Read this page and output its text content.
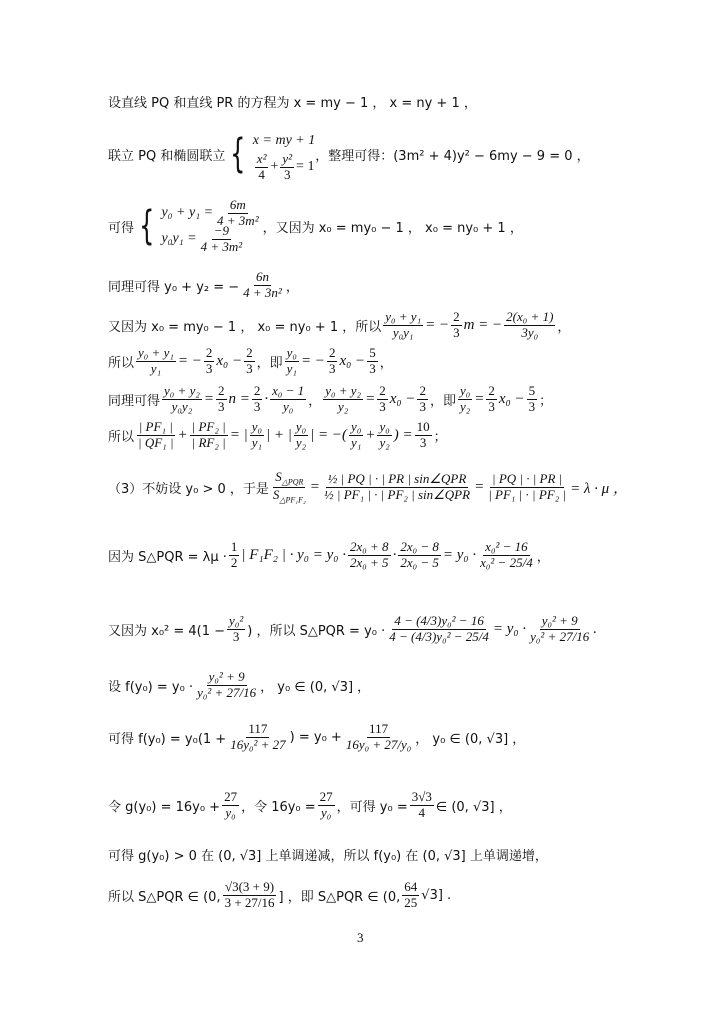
设直线 PQ 和直线 PR 的方程为 x = my − 1 ， x = ny + 1 ，
联立 PQ 和椭圆联立 { x = my + 1
$\frac{\text{x²}}{4} + \frac{\text{y²}}{3} = 1$
，整理可得：(3m² + 4)y² − 6my − 9 = 0 ，
可得 { $y_0 + y_1 = \frac{6m}{\text{4 + 3m²}}$
$y_0y_1 = \frac{-9}{\text{4 + 3m²}}$ ，又因为 x₀ = my₀ − 1 ， x₀ = ny₀ + 1 ，
同理可得 y₀ + y₂ = − $\frac{6n}{\text{4 + 3n²}}$ ，
又因为 x₀ = my₀ − 1 ， x₀ = ny₀ + 1 ，所以 $\frac{\text{y₀ + y₁}}{\text{y₀y₁}}$ = − $\frac{2}{3}$ m = − $\frac{\text{2(x₀ + 1)}}{\text{3y₀}}$ ，
所以 $\frac{\text{y₀ + y₁}}{\text{y₁}}$ = − $\frac{2}{3} x_0 - \frac{2}{3}$ ，即 $\frac{\text{y₀}}{\text{y₁}}$ = − $\frac{2}{3} x_0 - \frac{5}{3}$ ，
同理可得 $\frac{\text{y₀ + y₂}}{\text{y₀y₂}} = \frac{2}{3}$ $n = \frac{2}{3} \cdot \frac{\text{x₀ − 1}}{\text{y₀}}$ ， $\frac{\text{y₀ + y₂}}{\text{y₂}} = \frac{2}{3} x_0 - \frac{2}{3}$ ，即 $\frac{\text{y₀}}{\text{y₂}} = \frac{2}{3} x_0 - \frac{5}{3}$ ；
所以 $\frac{\text{| PF₁ |}}{\text{| QF₁ |}} + \frac{\text{| PF₂ |}}{\text{| RF₂ |}}$ = | $\frac{\text{y₀}}{\text{y₁}}$ | + | $\frac{\text{y₀}}{\text{y₂}}$ | = −( $\frac{\text{y₀}}{\text{y₁}} + \frac{\text{y₀}}{\text{y₂}}$ ) = $\frac{10}{3}$ ；
（3）不妨设 y₀ > 0 ，于是 $\frac{S_{\triangle PQR}}{S_{\triangle PF_1F_2}} = \frac{\text{½ | PQ | · | PR | sin∠QPR}}{\text{½ | PF₁ | · | PF₂ | sin∠QPR}} = \frac{| PQ | \cdot | PR |}{\text{| PF₁ | · | PF₂ |}} = \lambda \cdot \mu$ ，
因为 S△PQR = $\lambda\mu \cdot \frac{1}{2}$ | F₁F₂ | · $y_0 = y_0 \cdot \frac{\text{2x₀ + 8}}{\text{2x₀ + 5}} \cdot \frac{\text{2x₀ − 8}}{\text{2x₀ − 5}} = y_0 \cdot \frac{\text{x₀² − 16}}{\text{x₀² − 25/4}}$ ，
又因为 $x_0^2 = 4(1 - \frac{\text{y₀²}}{3}$ ) ，所以 S△PQR = $y_0 \cdot \frac{\text{4 − (4/3)y₀² − 16}}{\text{4 − (4/3)y₀² − 25/4}} = y_0 \cdot \frac{\text{y₀² + 9}}{\text{y₀² + 27/16}}$ .
设 $f(y_0) = y_0 \cdot \frac{\text{y₀² + 9}}{\text{y₀² + 27/16}}$ ， y₀ ∈ (0, √3] ，
可得 $f(y_0) = y_0(1 + \frac{117}{\text{16y₀² + 27}}$ ) = $y_0 + \frac{117}{\text{16y₀ + 27/y₀}}$ ， y₀ ∈ (0, √3] ，
令 $g(y_0) = 16y_0 + \frac{27}{\text{y₀}}$ ，令 $16y_0 = \frac{27}{\text{y₀}}$ ，可得 $y_0 = \frac{3√3}{4}$ ∈ (0, √3] ，
可得 g(y₀) > 0 在 (0, √3] 上单调递减，所以 f(y₀) 在 (0, √3] 上单调递增，
所以 S△PQR ∈ (0, $\frac{√3(3 + 9)}{3 + 27/16}$ ] ，即 S△PQR ∈ (0, $\frac{64}{25} √3$] .
3
